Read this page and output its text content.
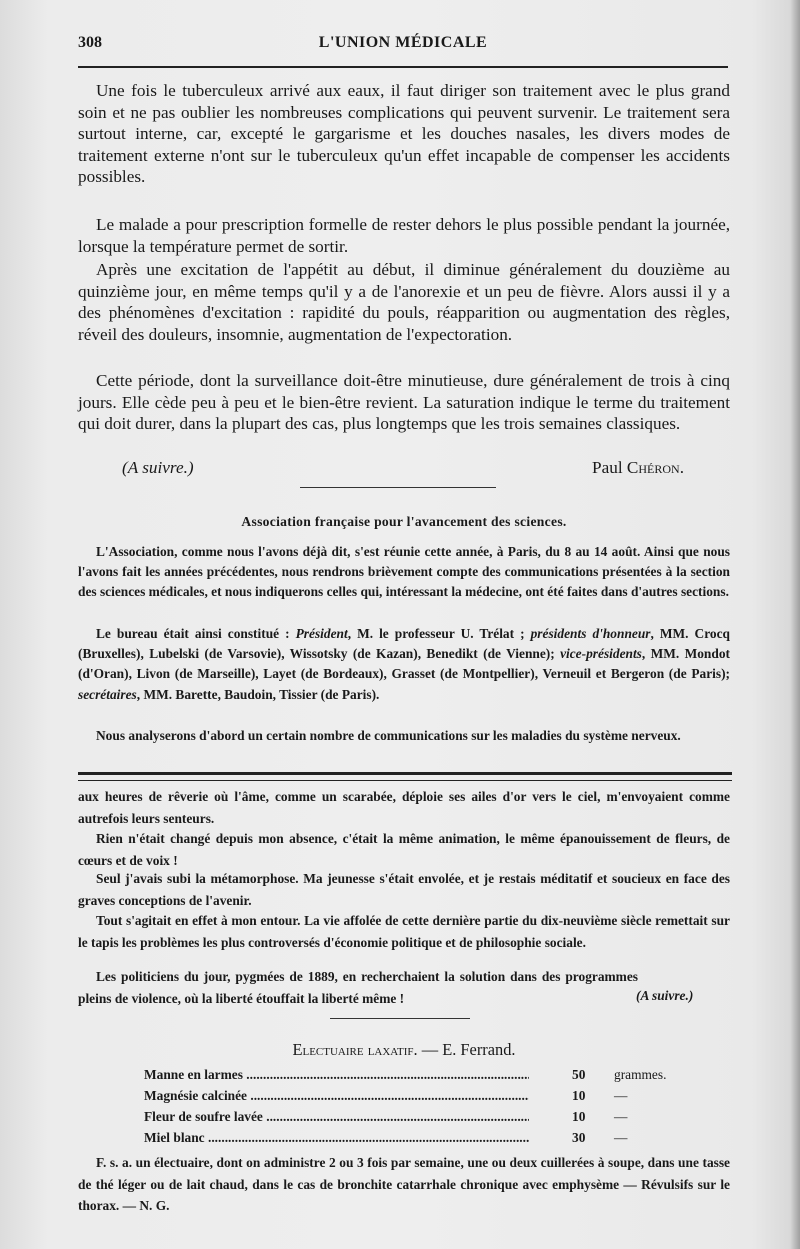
308	L'UNION MÉDICALE

Une fois le tuberculeux arrivé aux eaux, il faut diriger son traitement avec le plus grand soin et ne pas oublier les nombreuses complications qui peuvent survenir. Le traitement sera surtout interne, car, excepté le gargarisme et les douches nasales, les divers modes de traitement externe n'ont sur le tuberculeux qu'un effet incapable de compenser les accidents possibles.

Le malade a pour prescription formelle de rester dehors le plus possible pendant la journée, lorsque la température permet de sortir.

Après une excitation de l'appétit au début, il diminue généralement du douzième au quinzième jour, en même temps qu'il y a de l'anorexie et un peu de fièvre. Alors aussi il y a des phénomènes d'excitation : rapidité du pouls, réapparition ou augmentation des règles, réveil des douleurs, insomnie, augmentation de l'expectoration.

Cette période, dont la surveillance doit-être minutieuse, dure généralement de trois à cinq jours. Elle cède peu à peu et le bien-être revient. La saturation indique le terme du traitement qui doit durer, dans la plupart des cas, plus longtemps que les trois semaines classiques.

(A suivre.)	Paul Chéron.
Association française pour l'avancement des sciences.

L'Association, comme nous l'avons déjà dit, s'est réunie cette année, à Paris, du 8 au 14 août. Ainsi que nous l'avons fait les années précédentes, nous rendrons brièvement compte des communications présentées à la section des sciences médicales, et nous indiquerons celles qui, intéressant la médecine, ont été faites dans d'autres sections.

Le bureau était ainsi constitué : Président, M. le professeur U. Trélat ; présidents d'honneur, MM. Crocq (Bruxelles), Lubelski (de Varsovie), Wissotsky (de Kazan), Benedikt (de Vienne); vice-présidents, MM. Mondot (d'Oran), Livon (de Marseille), Layet (de Bordeaux), Grasset (de Montpellier), Verneuil et Bergeron (de Paris); secrétaires, MM. Barette, Baudoin, Tissier (de Paris).

Nous analyserons d'abord un certain nombre de communications sur les maladies du système nerveux.

aux heures de rêverie où l'âme, comme un scarabée, déploie ses ailes d'or vers le ciel, m'envoyaient comme autrefois leurs senteurs.

Rien n'était changé depuis mon absence, c'était la même animation, le même épanouissement de fleurs, de cœurs et de voix !

Seul j'avais subi la métamorphose. Ma jeunesse s'était envolée, et je restais méditatif et soucieux en face des graves conceptions de l'avenir.

Tout s'agitait en effet à mon entour. La vie affolée de cette dernière partie du dix-neuvième siècle remettait sur le tapis les problèmes les plus controversés d'économie politique et de philosophie sociale.

Les politiciens du jour, pygmées de 1889, en recherchaient la solution dans des programmes pleins de violence, où la liberté étouffait la liberté même !	(A suivre.)
Electuaire laxatif. — E. Ferrand.
Manne en larmes .....	50 grammes.
Magnésie calcinée .....	10 —
Fleur de soufre lavée .....	10 —
Miel blanc .....	30 —

F. s. a. un électuaire, dont on administre 2 ou 3 fois par semaine, une ou deux cuillerées à soupe, dans une tasse de thé léger ou de lait chaud, dans le cas de bronchite catarrhale chronique avec emphysème — Révulsifs sur le thorax. — N. G.
